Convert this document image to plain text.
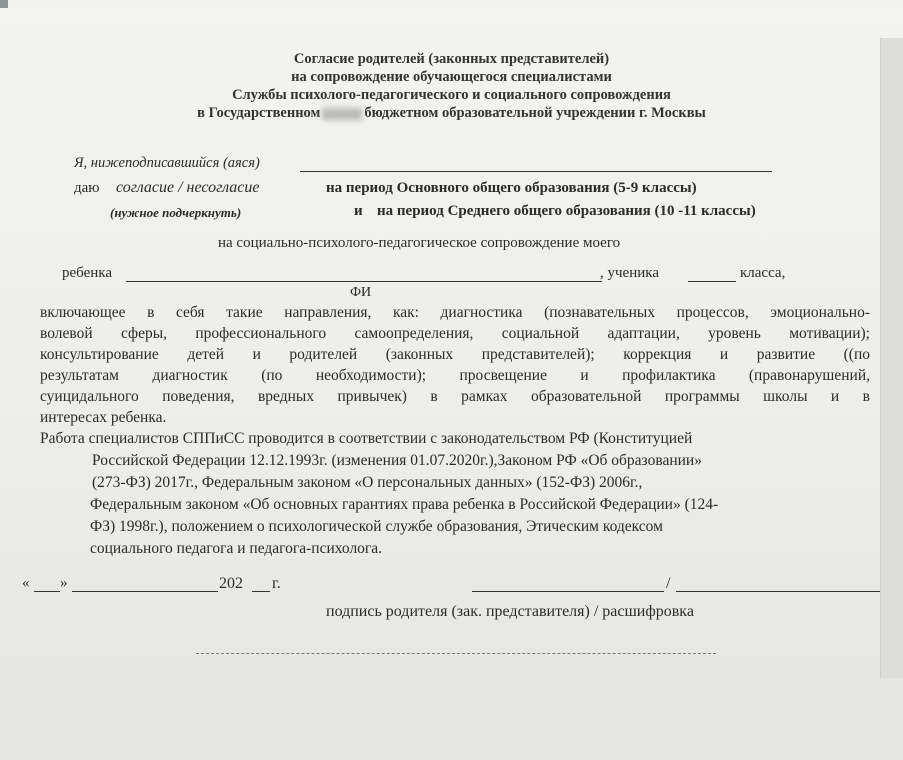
Согласие родителей (законных представителей)
на сопровождение обучающегося специалистами
Службы психолого-педагогического и социального сопровождения
в Государственном	бюджетном образовательной учреждении г. Москвы
Я, нижеподписавшийся (аяся)
даю согласие / несогласие	на период Основного общего образования (5-9 классы)
(нужное подчеркнуть)	и на период Среднего общего образования (10 -11 классы)
на социально-психолого-педагогическое сопровождение моего
ребенка	, ученика	класса,
ФИ
включающее в себя такие направления, как: диагностика (познавательных процессов, эмоционально-
волевой сферы, профессионального самоопределения, социальной адаптации, уровень мотивации);
консультирование детей и родителей (законных представителей); коррекция и развитие ((по
результатам диагностик (по необходимости); просвещение и профилактика (правонарушений,
суицидального поведения, вредных привычек) в рамках образовательной программы школы и в
интересах ребенка.
Работа специалистов СППиСС проводится в соответствии с законодательством РФ (Конституцией
Российской Федерации 12.12.1993г. (изменения 01.07.2020г.),Законом РФ «Об образовании»
(273-ФЗ) 2017г., Федеральным законом «О персональных данных» (152-ФЗ) 2006г.,
Федеральным законом «Об основных гарантиях права ребенка в Российской Федерации» (124-
ФЗ) 1998г.), положением о психологической службе образования, Этическим кодексом
социального педагога и педагога-психолога.
« »	202 г.	/
подпись родителя (зак. представителя) / расшифровка
